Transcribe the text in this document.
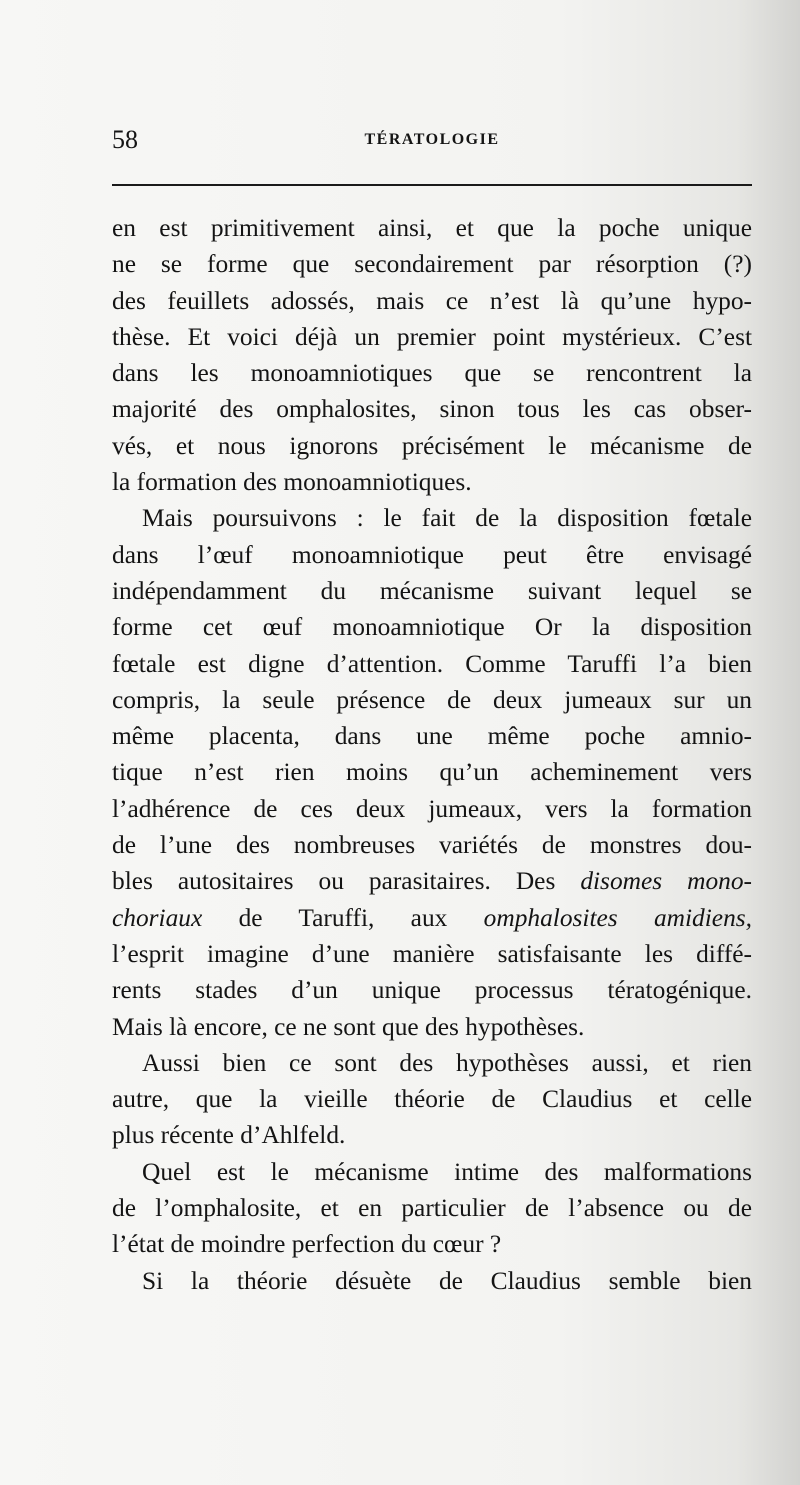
58	TÉRATOLOGIE
en est primitivement ainsi, et que la poche unique
ne se forme que secondairement par résorption (?)
des feuillets adossés, mais ce n’est là qu’une hypo-
thèse. Et voici déjà un premier point mystérieux. C’est
dans les monoamniotiques que se rencontrent la
majorité des omphalosites, sinon tous les cas obser-
vés, et nous ignorons précisément le mécanisme de
la formation des monoamniotiques.
Mais poursuivons : le fait de la disposition fœtale
dans l’œuf monoamniotique peut être envisagé
indépendamment du mécanisme suivant lequel se
forme cet œuf monoamniotique Or la disposition
fœtale est digne d’attention. Comme Taruffi l’a bien
compris, la seule présence de deux jumeaux sur un
même placenta, dans une même poche amnio-
tique n’est rien moins qu’un acheminement vers
l’adhérence de ces deux jumeaux, vers la formation
de l’une des nombreuses variétés de monstres dou-
bles autositaires ou parasitaires. Des disomes mono-
choriaux de Taruffi, aux omphalosites amidiens,
l’esprit imagine d’une manière satisfaisante les diffé-
rents stades d’un unique processus tératogénique.
Mais là encore, ce ne sont que des hypothèses.
Aussi bien ce sont des hypothèses aussi, et rien
autre, que la vieille théorie de Claudius et celle
plus récente d’Ahlfeld.
Quel est le mécanisme intime des malformations
de l’omphalosite, et en particulier de l’absence ou de
l’état de moindre perfection du cœur ?
Si la théorie désuète de Claudius semble bien
